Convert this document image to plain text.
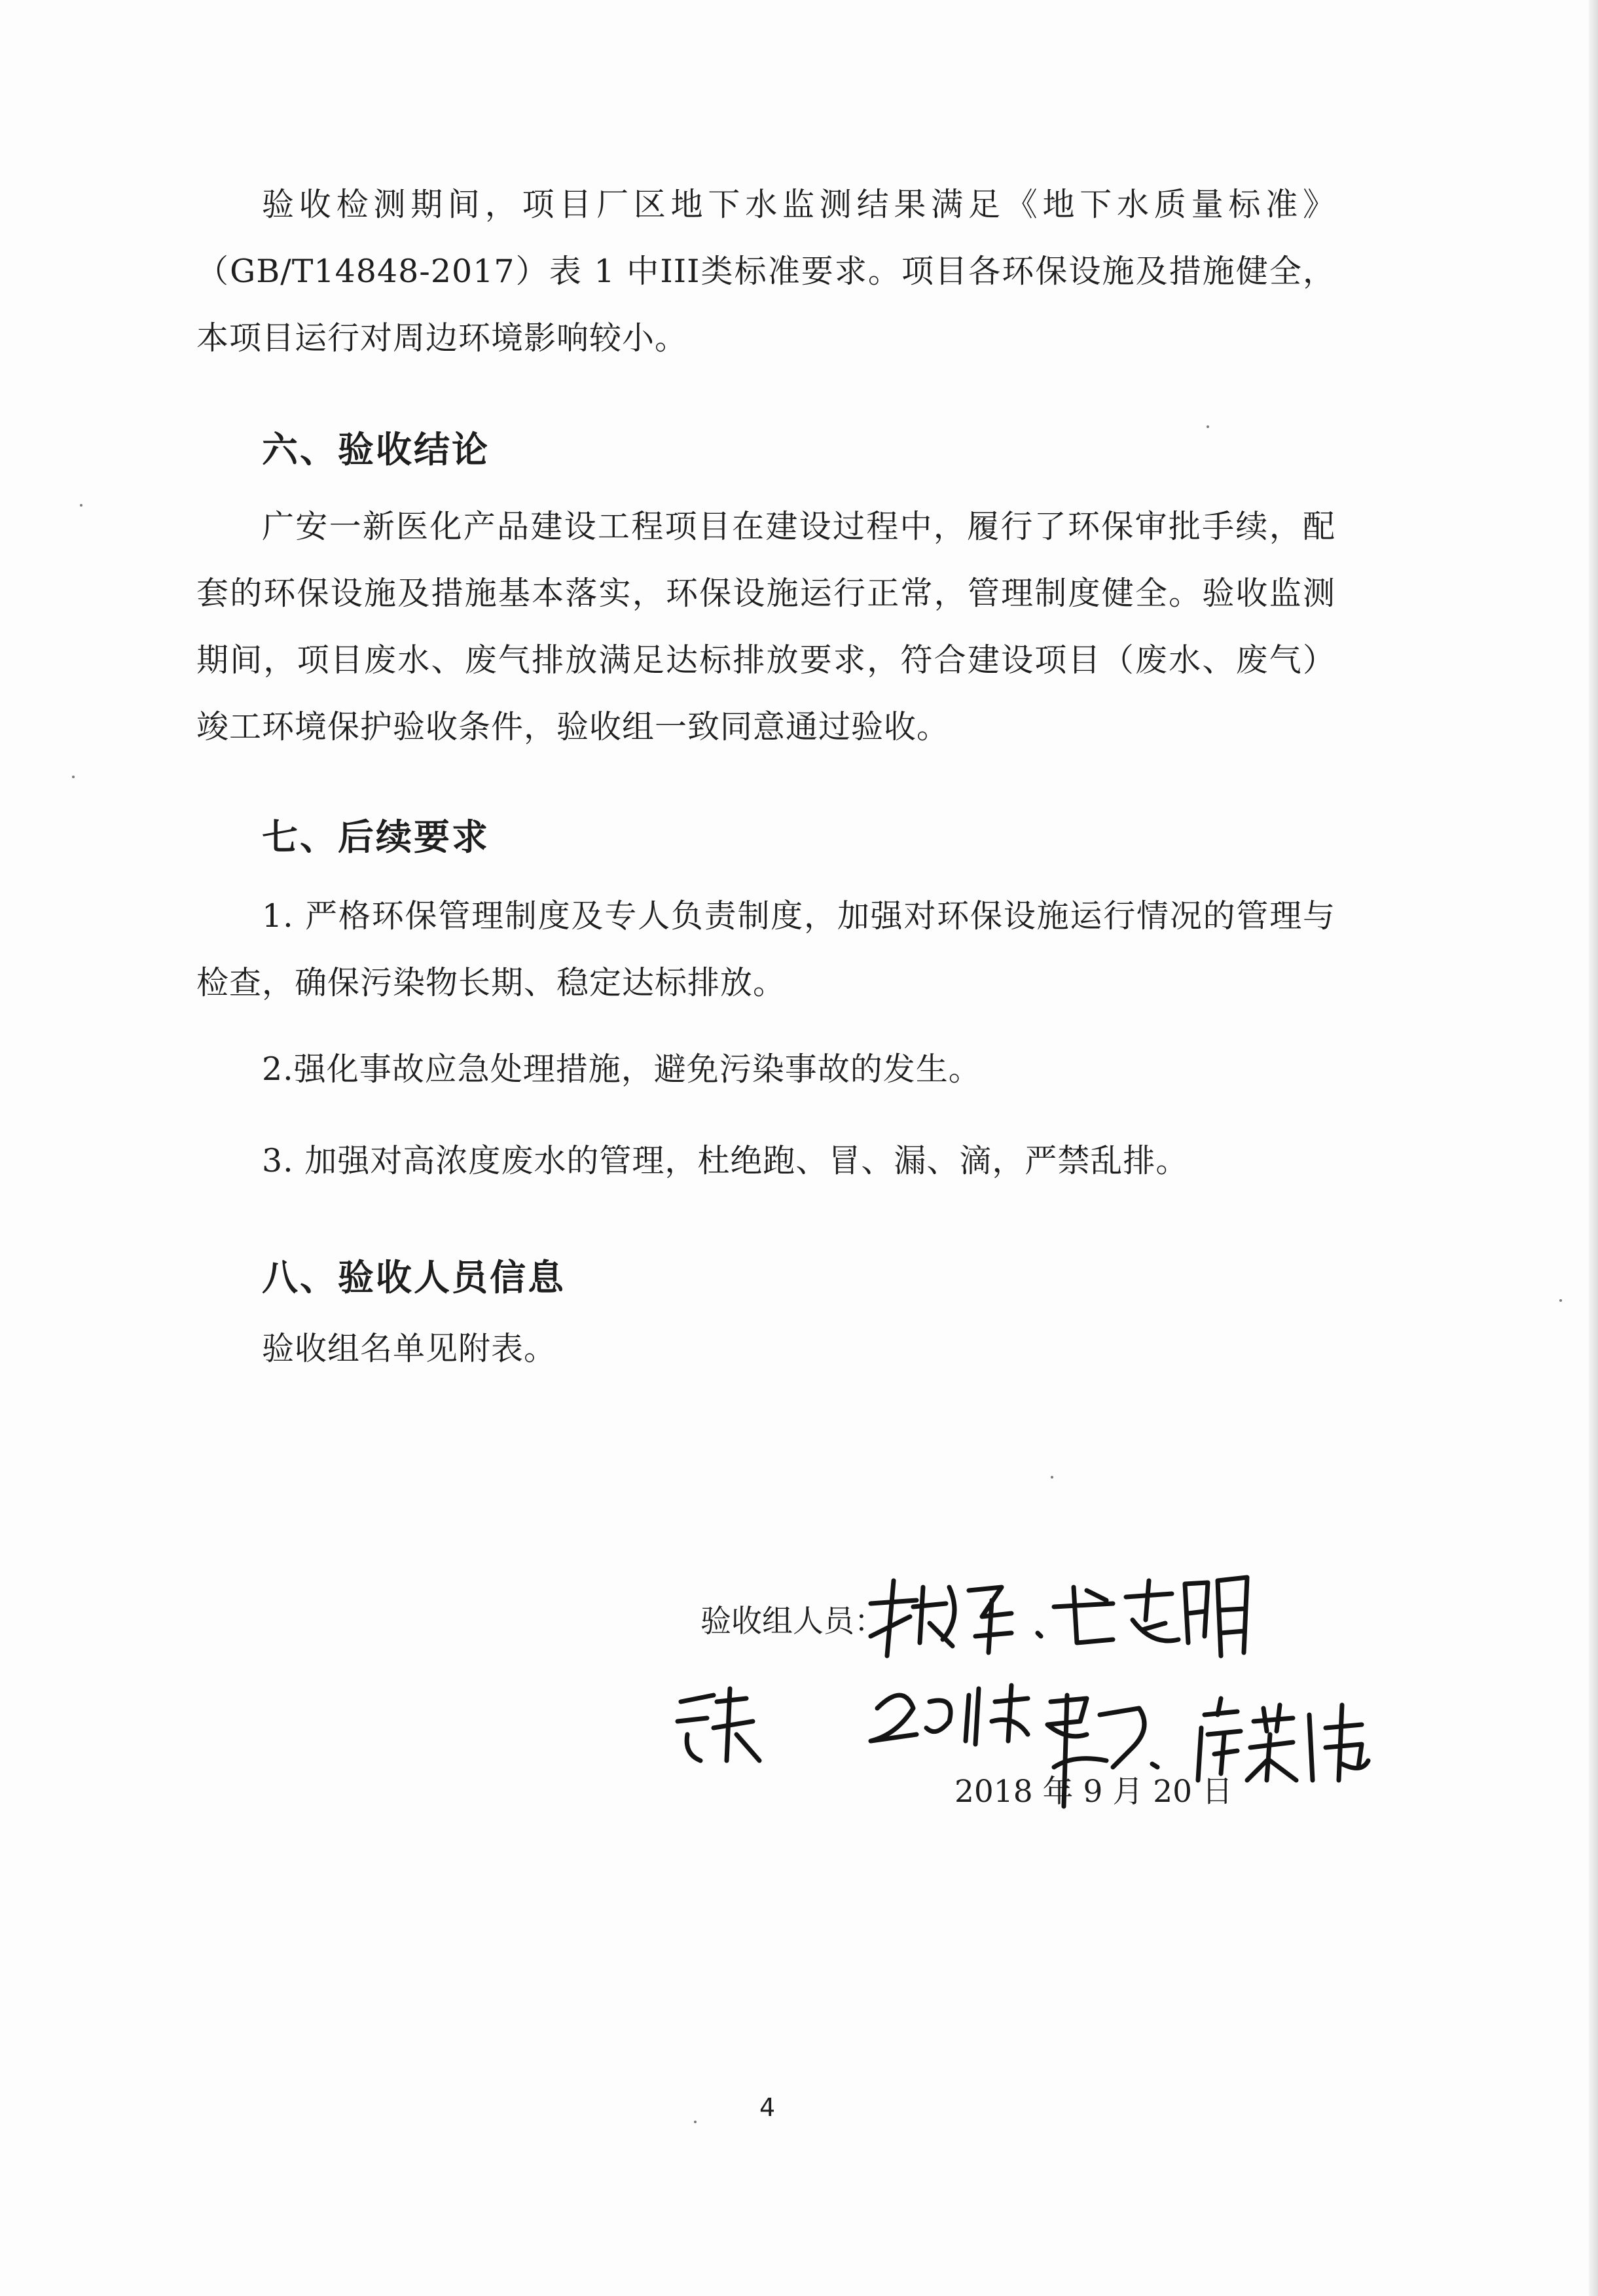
验收检测期间，项目厂区地下水监测结果满足《地下水质量标准》（GB/T14848-2017）表 1 中III类标准要求。项目各环保设施及措施健全，本项目运行对周边环境影响较小。

六、验收结论

广安一新医化产品建设工程项目在建设过程中，履行了环保审批手续，配套的环保设施及措施基本落实，环保设施运行正常，管理制度健全。验收监测期间，项目废水、废气排放满足达标排放要求，符合建设项目（废水、废气）竣工环境保护验收条件，验收组一致同意通过验收。

七、后续要求

1. 严格环保管理制度及专人负责制度，加强对环保设施运行情况的管理与检查，确保污染物长期、稳定达标排放。

2.强化事故应急处理措施，避免污染事故的发生。

3. 加强对高浓度废水的管理，杜绝跑、冒、漏、滴，严禁乱排。

八、验收人员信息

验收组名单见附表。

验收组人员：
2018 年 9 月 20 日
4
